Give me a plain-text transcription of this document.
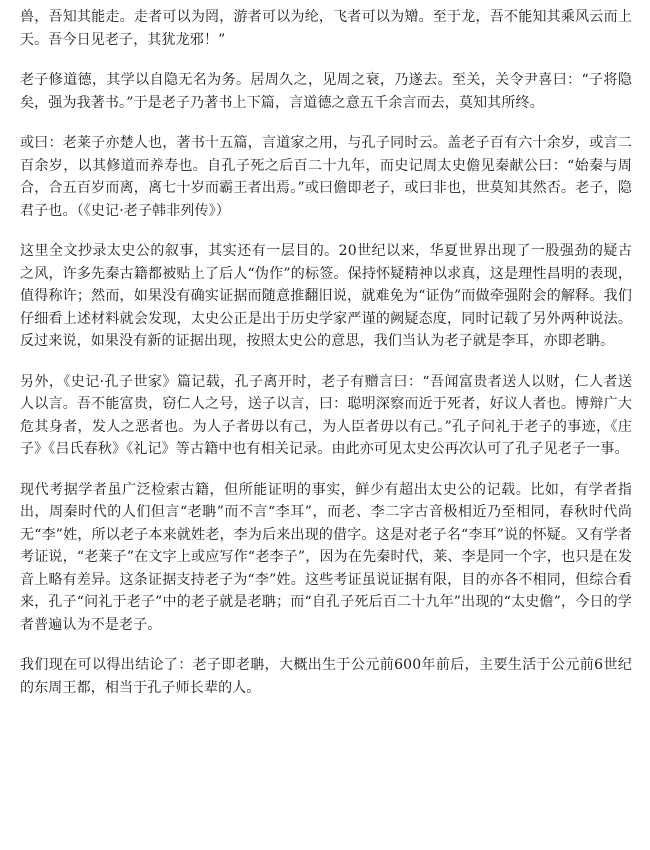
兽，吾知其能走。走者可以为罔，游者可以为纶，飞者可以为矰。至于龙，吾不能知其乘风云而上天。吾今日见老子，其犹龙邪！”

老子修道德，其学以自隐无名为务。居周久之，见周之衰，乃遂去。至关，关令尹喜曰：“子将隐矣，强为我著书。”于是老子乃著书上下篇，言道德之意五千余言而去，莫知其所终。

或曰：老莱子亦楚人也，著书十五篇，言道家之用，与孔子同时云。盖老子百有六十余岁，或言二百余岁，以其修道而养寿也。自孔子死之后百二十九年，而史记周太史儋见秦献公曰：“始秦与周合，合五百岁而离，离七十岁而霸王者出焉。”或曰儋即老子，或曰非也，世莫知其然否。老子，隐君子也。（《史记·老子韩非列传》）

这里全文抄录太史公的叙事，其实还有一层目的。20世纪以来，华夏世界出现了一股强劲的疑古之风，许多先秦古籍都被贴上了后人“伪作”的标签。保持怀疑精神以求真，这是理性昌明的表现，值得称许；然而，如果没有确实证据而随意推翻旧说，就难免为“证伪”而做牵强附会的解释。我们仔细看上述材料就会发现，太史公正是出于历史学家严谨的阙疑态度，同时记载了另外两种说法。反过来说，如果没有新的证据出现，按照太史公的意思，我们当认为老子就是李耳，亦即老聃。

另外，《史记·孔子世家》篇记载，孔子离开时，老子有赠言曰：“吾闻富贵者送人以财，仁人者送人以言。吾不能富贵，窃仁人之号，送子以言，曰：聪明深察而近于死者，好议人者也。博辩广大危其身者，发人之恶者也。为人子者毋以有己，为人臣者毋以有己。”孔子问礼于老子的事迹，《庄子》《吕氏春秋》《礼记》等古籍中也有相关记录。由此亦可见太史公再次认可了孔子见老子一事。

现代考据学者虽广泛检索古籍，但所能证明的事实，鲜少有超出太史公的记载。比如，有学者指出，周秦时代的人们但言“老聃”而不言“李耳”，而老、李二字古音极相近乃至相同，春秋时代尚无“李”姓，所以老子本来就姓老，李为后来出现的借字。这是对老子名“李耳”说的怀疑。又有学者考证说，“老莱子”在文字上或应写作“老李子”，因为在先秦时代，莱、李是同一个字，也只是在发音上略有差异。这条证据支持老子为“李”姓。这些考证虽说证据有限，目的亦各不相同，但综合看来，孔子“问礼于老子”中的老子就是老聃；而“自孔子死后百二十九年”出现的“太史儋”，今日的学者普遍认为不是老子。

我们现在可以得出结论了：老子即老聃，大概出生于公元前600年前后，主要生活于公元前6世纪的东周王都，相当于孔子师长辈的人。
